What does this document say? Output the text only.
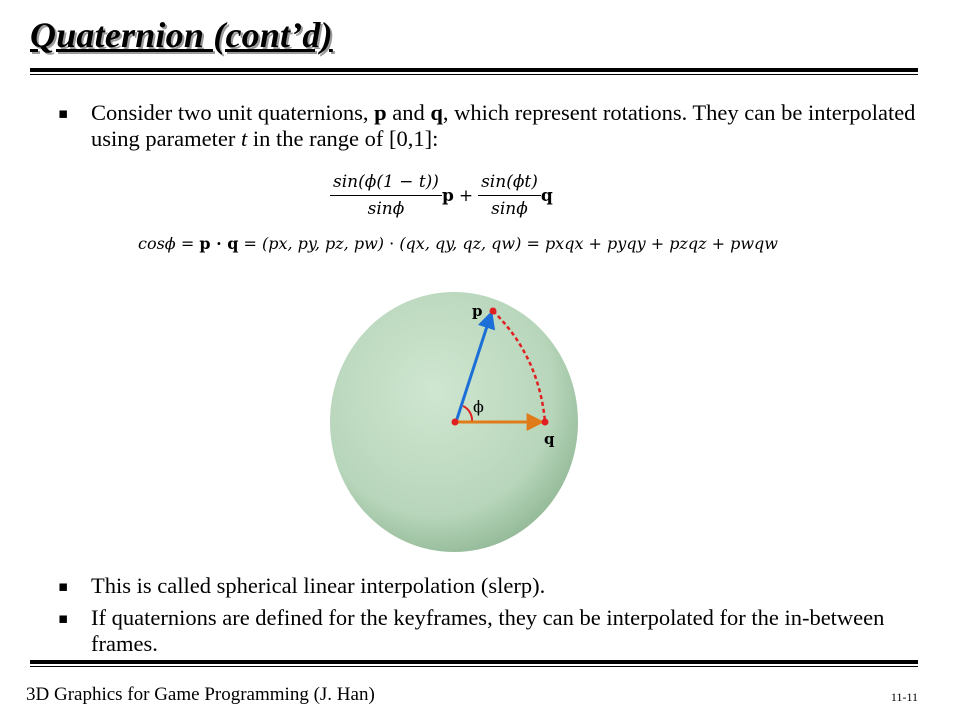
Quaternion (cont’d)
▪	Consider two unit quaternions, p and q, which represent rotations. They can be interpolated using parameter t in the range of [0,1]:
$\frac{\sin(\phi(1 - t))}{\sin\phi}$ $p + \frac{\sin(\phi t)}{\sin\phi}$ q
cosϕ = p · q = (px, py, pz, pw) · (qx, qy, qz, qw) = pxqx + pyqy + pzqz + pwqw
p
ϕ
q
▪	This is called spherical linear interpolation (slerp).
▪	If quaternions are defined for the keyframes, they can be interpolated for the in-between frames.
3D Graphics for Game Programming (J. Han)	11-11
